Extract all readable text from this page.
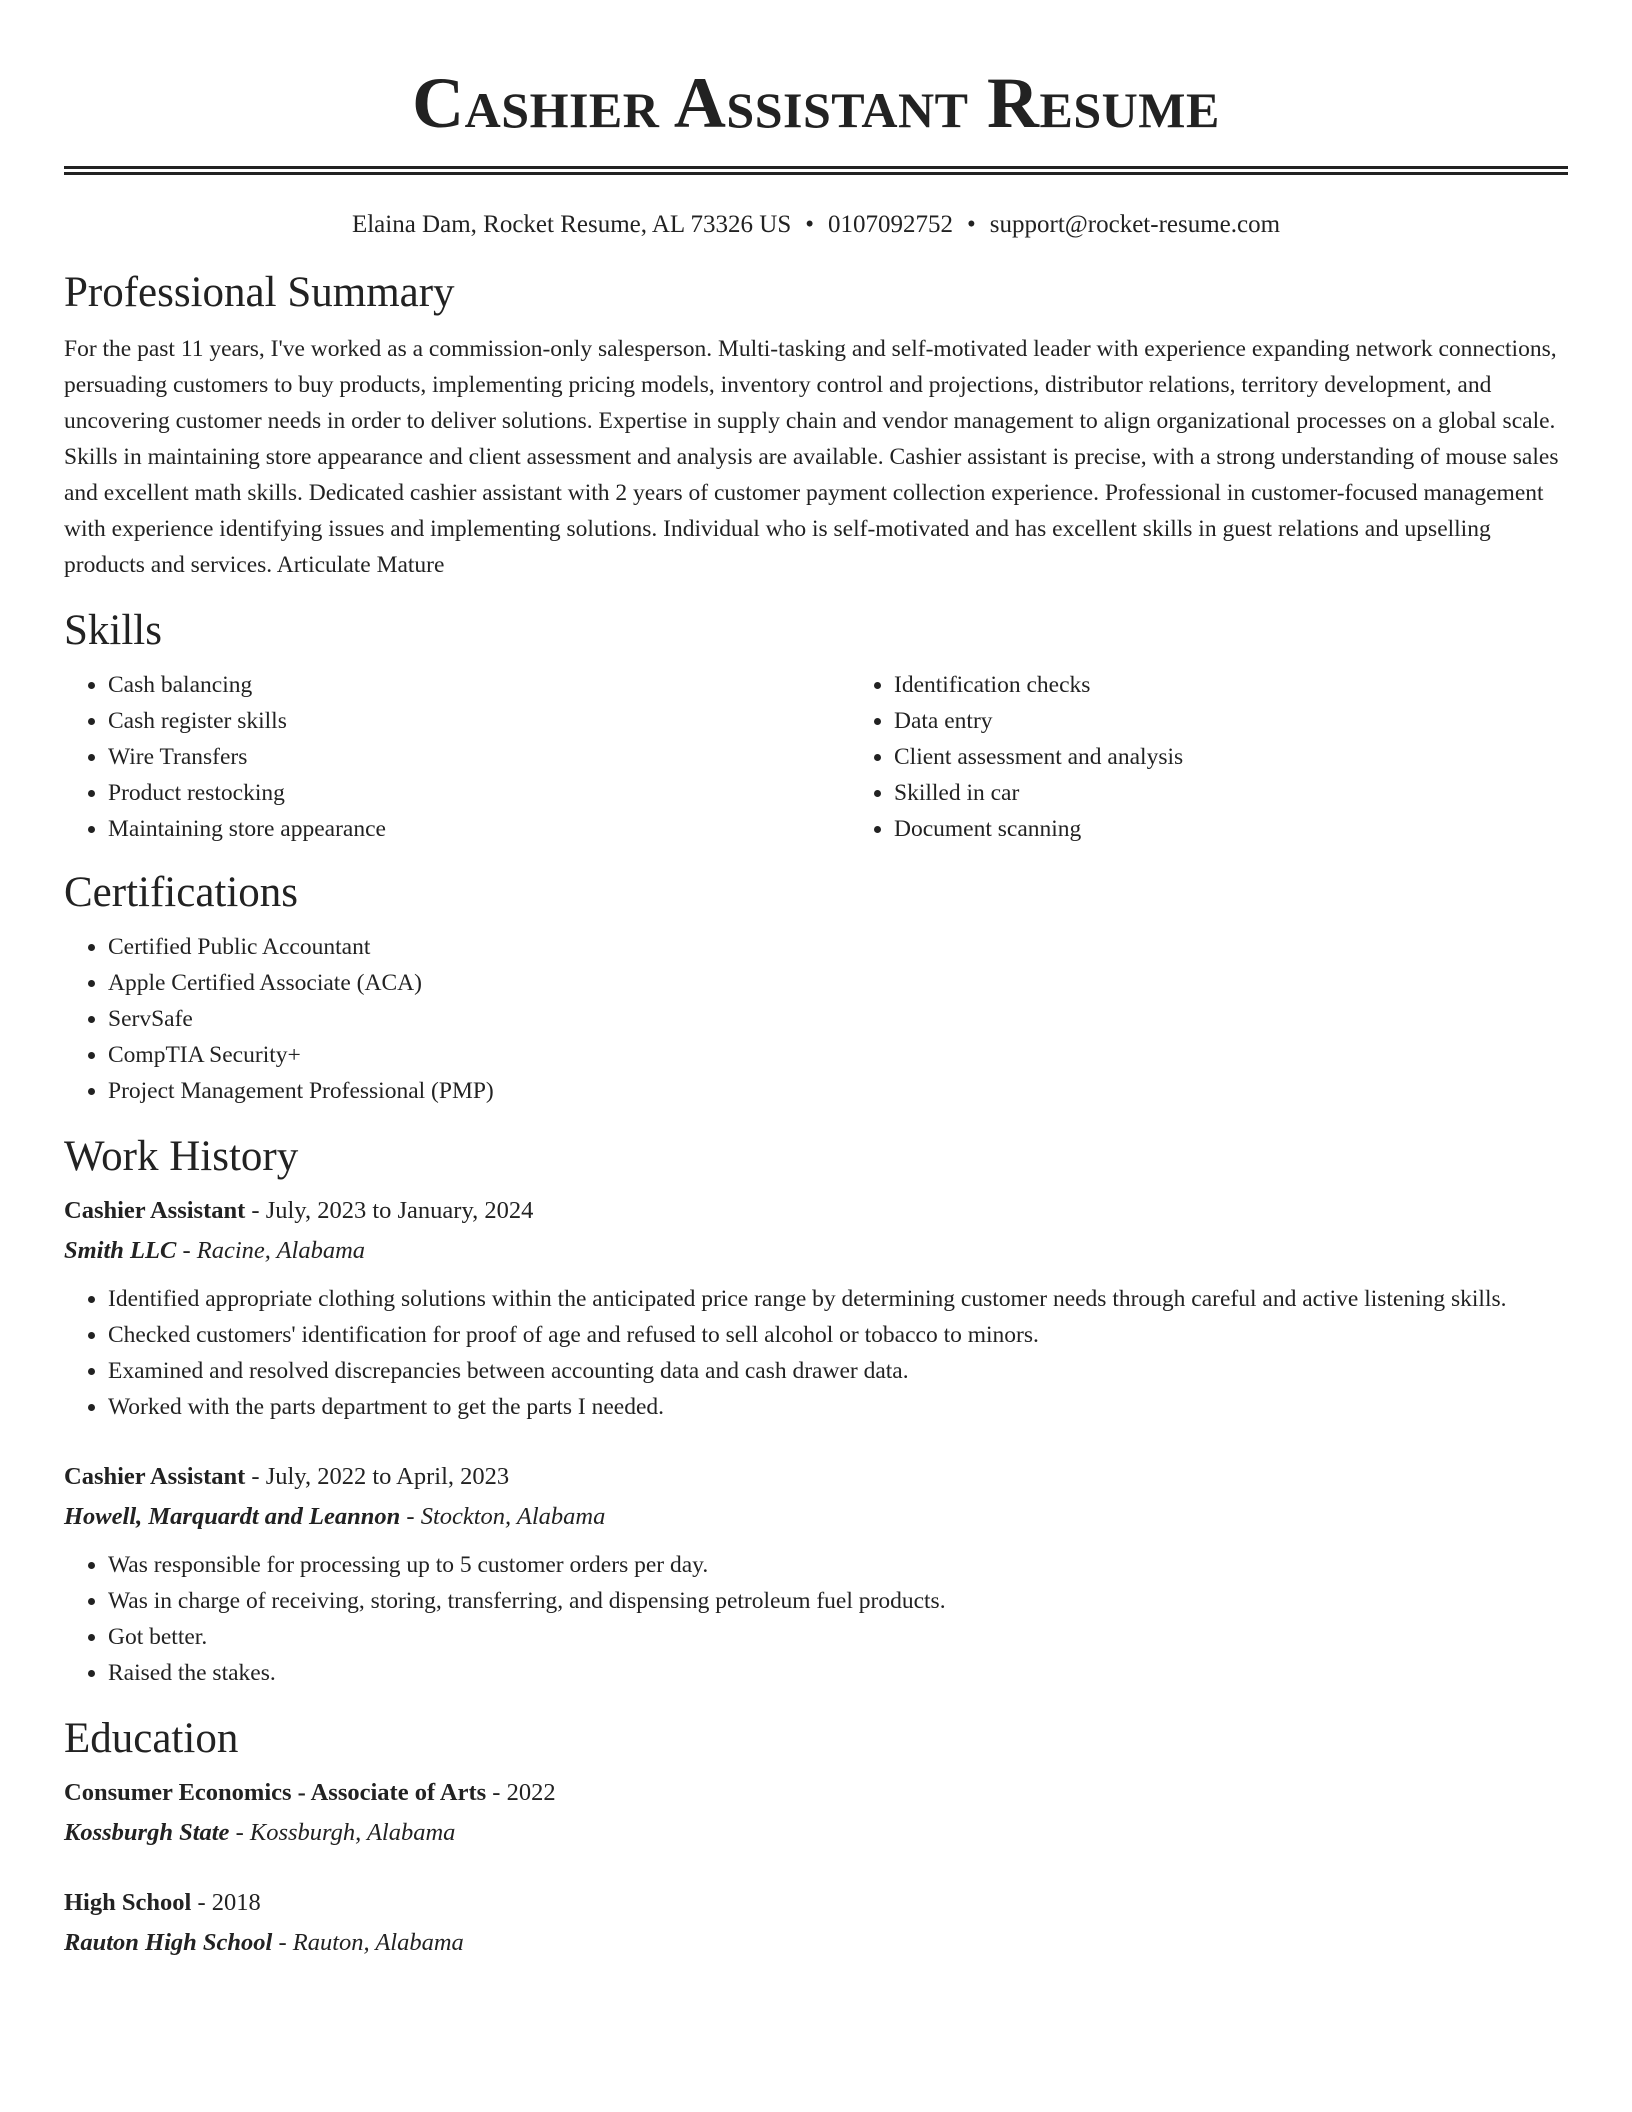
Cashier Assistant Resume
Elaina Dam, Rocket Resume, AL 73326 US • 0107092752 • support@rocket-resume.com
Professional Summary

For the past 11 years, I've worked as a commission-only salesperson. Multi-tasking and self-motivated leader with experience expanding network connections, persuading customers to buy products, implementing pricing models, inventory control and projections, distributor relations, territory development, and uncovering customer needs in order to deliver solutions. Expertise in supply chain and vendor management to align organizational processes on a global scale. Skills in maintaining store appearance and client assessment and analysis are available. Cashier assistant is precise, with a strong understanding of mouse sales and excellent math skills. Dedicated cashier assistant with 2 years of customer payment collection experience. Professional in customer-focused management with experience identifying issues and implementing solutions. Individual who is self-motivated and has excellent skills in guest relations and upselling products and services. Articulate Mature

Skills
• Cash balancing
• Cash register skills
• Wire Transfers
• Product restocking
• Maintaining store appearance
• Identification checks
• Data entry
• Client assessment and analysis
• Skilled in car
• Document scanning
Certifications
• Certified Public Accountant
• Apple Certified Associate (ACA)
• ServSafe
• CompTIA Security+
• Project Management Professional (PMP)
Work History
Cashier Assistant - July, 2023 to January, 2024
Smith LLC - Racine, Alabama
• Identified appropriate clothing solutions within the anticipated price range by determining customer needs through careful and active listening skills.
• Checked customers' identification for proof of age and refused to sell alcohol or tobacco to minors.
• Examined and resolved discrepancies between accounting data and cash drawer data.
• Worked with the parts department to get the parts I needed.
Cashier Assistant - July, 2022 to April, 2023
Howell, Marquardt and Leannon - Stockton, Alabama
• Was responsible for processing up to 5 customer orders per day.
• Was in charge of receiving, storing, transferring, and dispensing petroleum fuel products.
• Got better.
• Raised the stakes.
Education
Consumer Economics - Associate of Arts - 2022
Kossburgh State - Kossburgh, Alabama
High School - 2018
Rauton High School - Rauton, Alabama
